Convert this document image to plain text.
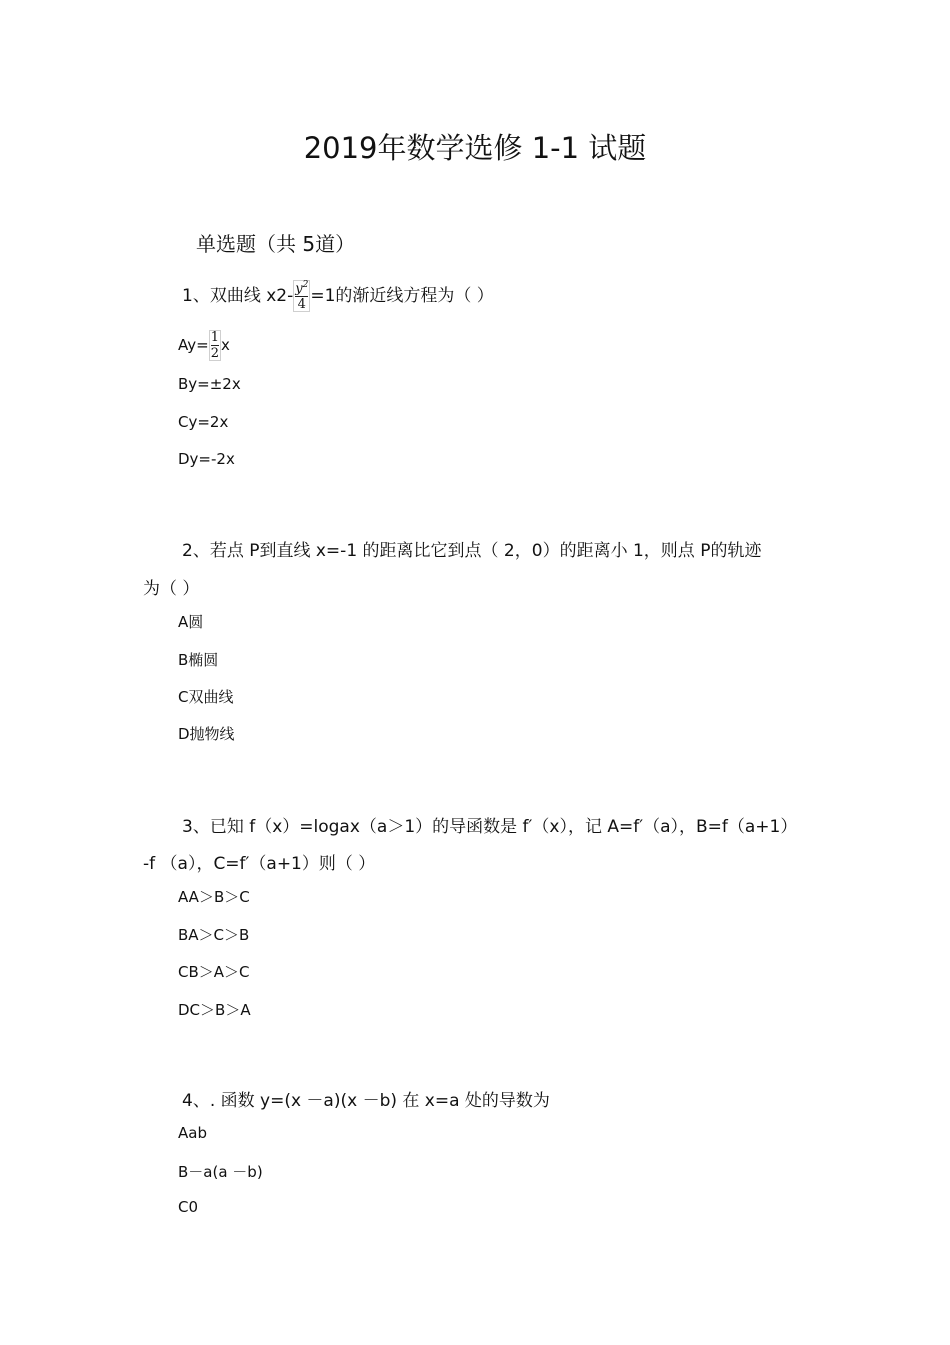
2019年数学选修 1-1 试题
单选题（共 5道）
1、双曲线 $x2- \frac{y^2}{4} =1$的渐近线方程为（ ）
$Ay= \frac{1}{2}$ x
By=±2x
Cy=2x
Dy=-2x
2、若点 P到直线 x=-1 的距离比它到点（ 2，0）的距离小 1，则点 P的轨迹
为（ ）
A圆
B椭圆
C双曲线
D抛物线
3、已知 f（x）=logax（a＞1）的导函数是 f′（x），记 A=f′（a），B=f（a+1）
-f （a），C=f′（a+1）则（ ）
AA＞B＞C
BA＞C＞B
CB＞A＞C
DC＞B＞A
4、. 函数 y=(x －a)(x －b) 在 x=a 处的导数为
Aab
B－a(a －b)
C0
